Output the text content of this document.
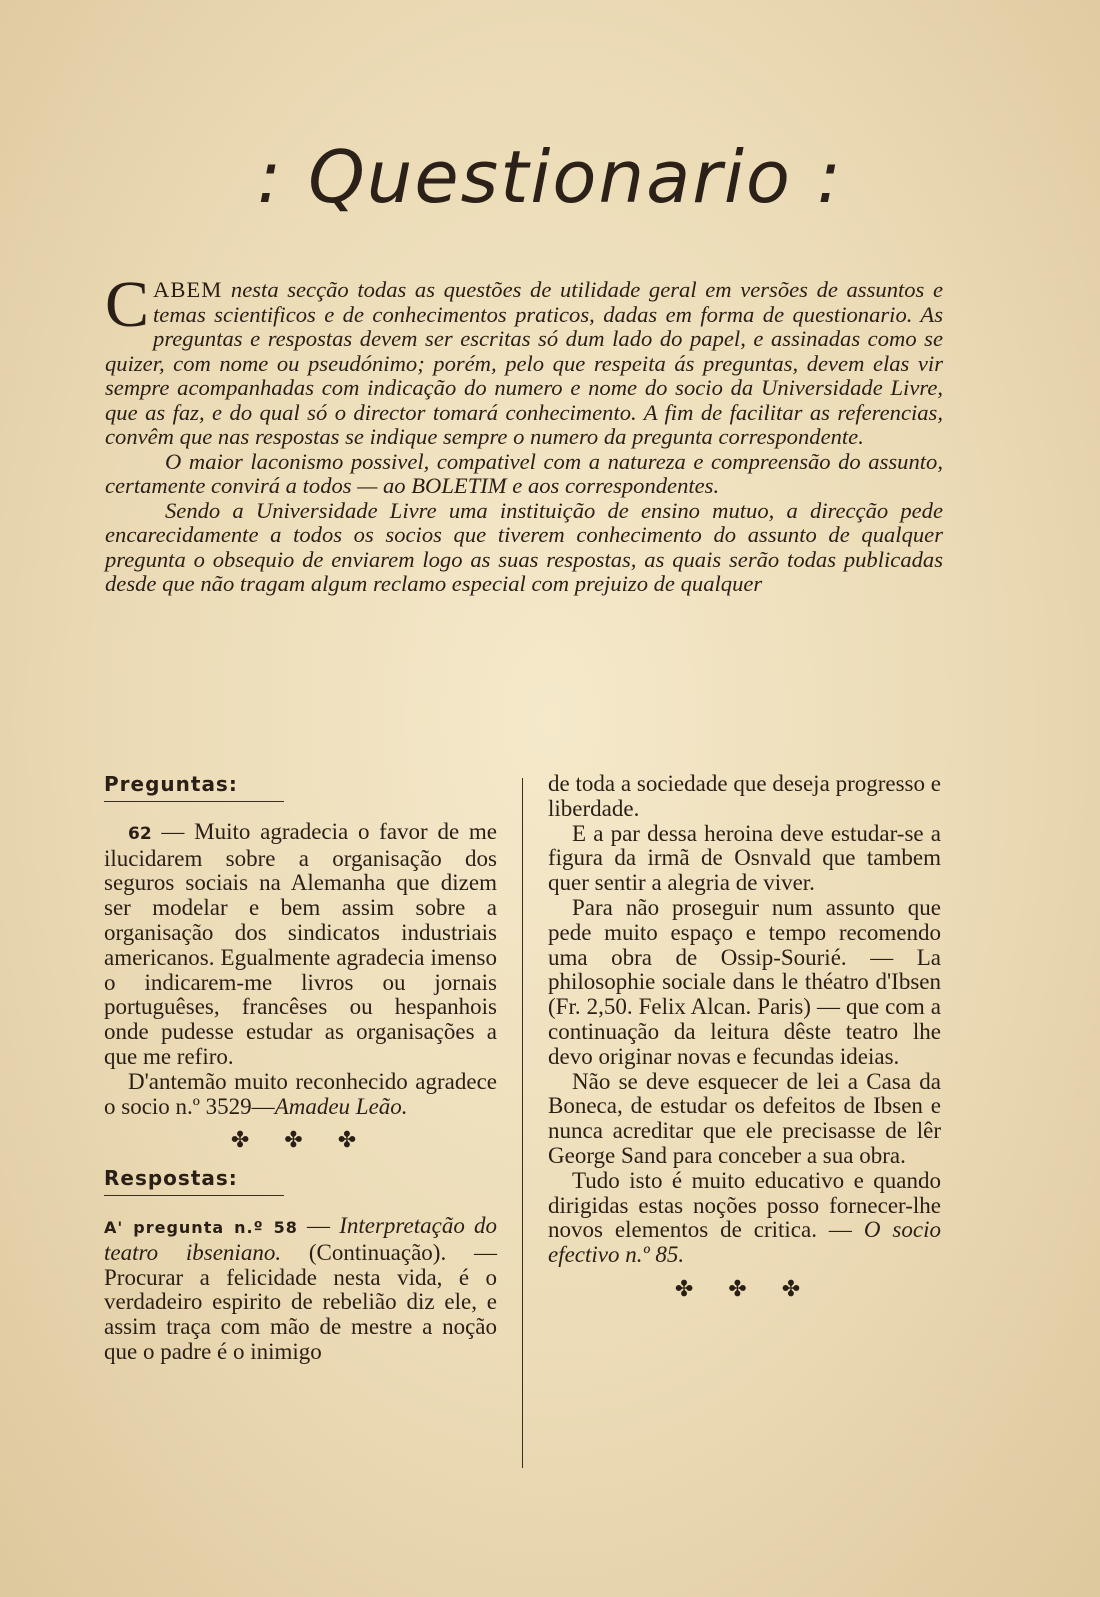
: Questionario :

CABEM nesta secção todas as questões de utilidade geral em versões de assuntos e temas scientificos e de conhecimentos praticos, dadas em forma de questionario. As preguntas e respostas devem ser escritas só dum lado do papel, e assinadas como se quizer, com nome ou pseudónimo; porém, pelo que respeita ás preguntas, devem elas vir sempre acompanhadas com indicação do numero e nome do socio da Universidade Livre, que as faz, e do qual só o director tomará conhecimento. A fim de facilitar as referencias, convêm que nas respostas se indique sempre o numero da pregunta correspondente.

O maior laconismo possivel, compativel com a natureza e compreensão do assunto, certamente convirá a todos — ao BOLETIM e aos correspondentes.

Sendo a Universidade Livre uma instituição de ensino mutuo, a direcção pede encarecidamente a todos os socios que tiverem conhecimento do assunto de qualquer pregunta o obsequio de enviarem logo as suas respostas, as quais serão todas publicadas desde que não tragam algum reclamo especial com prejuizo de qualquer

Preguntas:

62 — Muito agradecia o favor de me ilucidarem sobre a organisação dos seguros sociais na Alemanha que dizem ser modelar e bem assim sobre a organisação dos sindicatos industriais americanos. Egualmente agradecia imenso o indicarem-me livros ou jornais portuguêses, francêses ou hespanhois onde pudesse estudar as organisações a que me refiro.

D'antemão muito reconhecido agradece o socio n.º 3529—Amadeu Leão.

✤ ✤ ✤
Respostas:

A' pregunta n.º 58 — Interpretação do teatro ibseniano. (Continuação). — Procurar a felicidade nesta vida, é o verdadeiro espirito de rebelião diz ele, e assim traça com mão de mestre a noção que o padre é o inimigo

de toda a sociedade que deseja progresso e liberdade.

E a par dessa heroina deve estudar-se a figura da irmã de Osnvald que tambem quer sentir a alegria de viver.

Para não proseguir num assunto que pede muito espaço e tempo recomendo uma obra de Ossip-Sourié. — La philosophie sociale dans le théatro d'Ibsen (Fr. 2,50. Felix Alcan. Paris) — que com a continuação da leitura dêste teatro lhe devo originar novas e fecundas ideias.

Não se deve esquecer de lei a Casa da Boneca, de estudar os defeitos de Ibsen e nunca acreditar que ele precisasse de lêr George Sand para conceber a sua obra.

Tudo isto é muito educativo e quando dirigidas estas noções posso fornecer-lhe novos elementos de critica. — O socio efectivo n.º 85.

✤ ✤ ✤
